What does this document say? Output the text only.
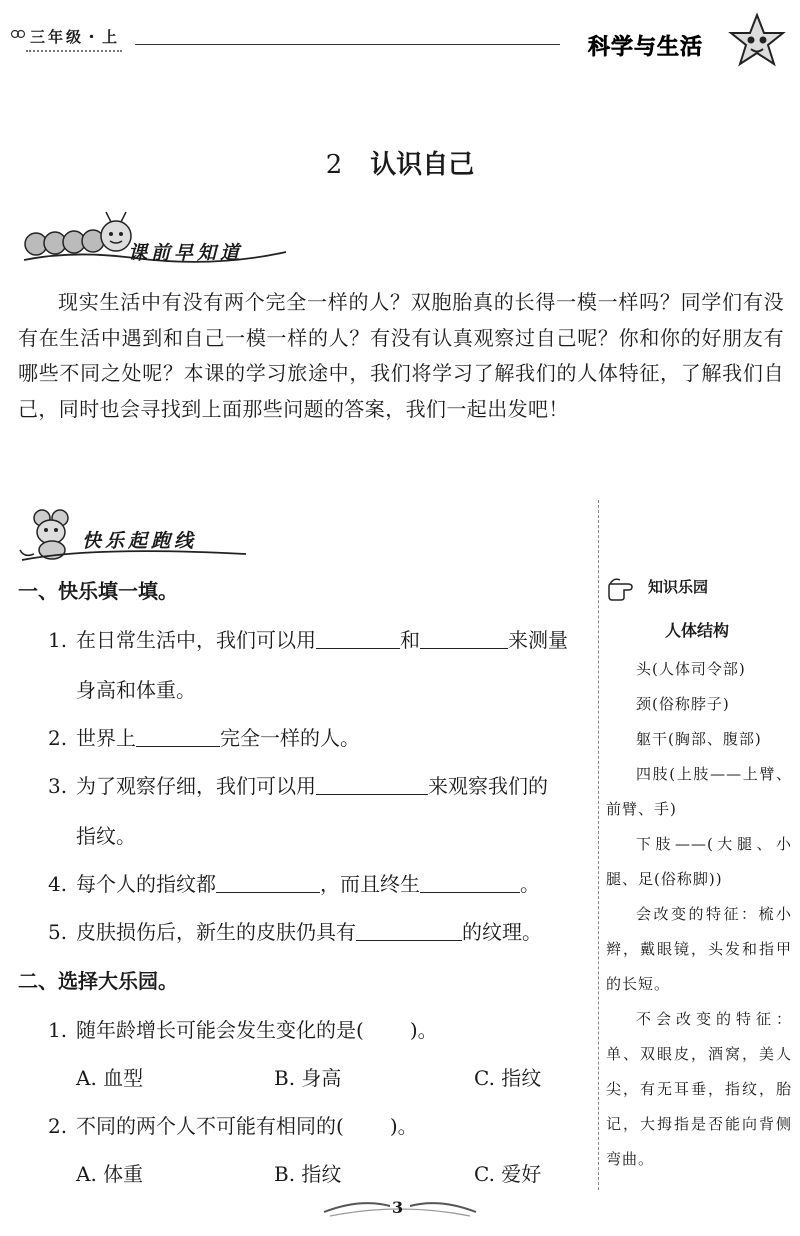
三年级・上	科学与生活
2 认识自己
课前早知道
现实生活中有没有两个完全一样的人？双胞胎真的长得一模一样吗？同学们有没有在生活中遇到和自己一模一样的人？有没有认真观察过自己呢？你和你的好朋友有哪些不同之处呢？本课的学习旅途中，我们将学习了解我们的人体特征，了解我们自己，同时也会寻找到上面那些问题的答案，我们一起出发吧！
快乐起跑线
一、快乐填一填。
1. 在日常生活中，我们可以用	和	来测量
身高和体重。
2. 世界上	完全一样的人。
3. 为了观察仔细，我们可以用	来观察我们的
指纹。
4. 每个人的指纹都	，而且终生	。
5. 皮肤损伤后，新生的皮肤仍具有	的纹理。
二、选择大乐园。
1. 随年龄增长可能会发生变化的是( )。
A. 血型	B. 身高	C. 指纹
2. 不同的两个人不可能有相同的( )。
A. 体重	B. 指纹	C. 爱好
知识乐园
人体结构

头(人体司令部)

颈(俗称脖子)

躯干(胸部、腹部)

四肢(上肢——上臂、前臂、手)

下肢——(大腿、小腿、足(俗称脚))

会改变的特征：梳小辫，戴眼镜，头发和指甲的长短。

不会改变的特征：单、双眼皮，酒窝，美人尖，有无耳垂，指纹，胎记，大拇指是否能向背侧弯曲。

3
